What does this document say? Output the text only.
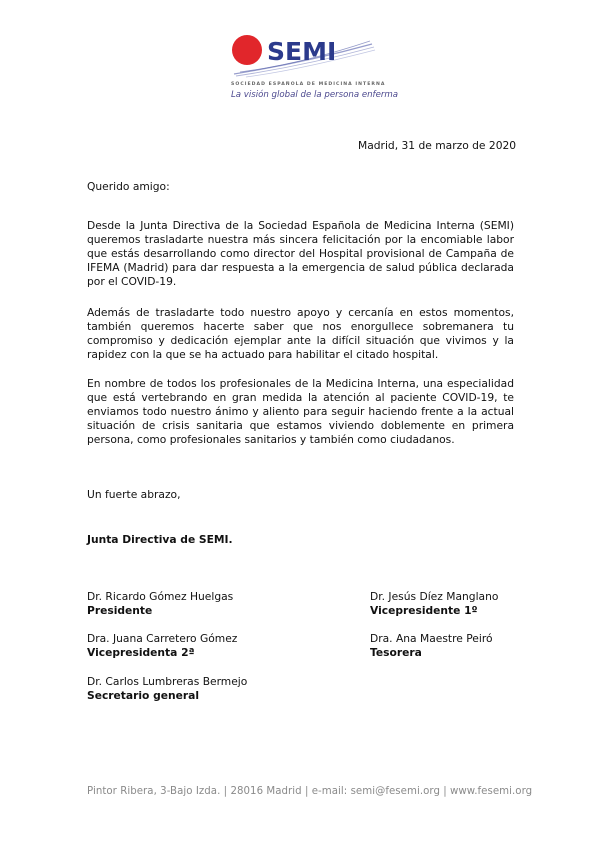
SEMI
SOCIEDAD ESPAÑOLA DE MEDICINA INTERNA
La visión global de la persona enferma
Madrid, 31 de marzo de 2020
Querido amigo:
Desde la Junta Directiva de la Sociedad Española de Medicina Interna (SEMI) queremos trasladarte nuestra más sincera felicitación por la encomiable labor que estás desarrollando como director del Hospital provisional de Campaña de IFEMA (Madrid) para dar respuesta a la emergencia de salud pública declarada por el COVID-19.
Además de trasladarte todo nuestro apoyo y cercanía en estos momentos, también queremos hacerte saber que nos enorgullece sobremanera tu compromiso y dedicación ejemplar ante la difícil situación que vivimos y la rapidez con la que se ha actuado para habilitar el citado hospital.
En nombre de todos los profesionales de la Medicina Interna, una especialidad que está vertebrando en gran medida la atención al paciente COVID-19, te enviamos todo nuestro ánimo y aliento para seguir haciendo frente a la actual situación de crisis sanitaria que estamos viviendo doblemente en primera persona, como profesionales sanitarios y también como ciudadanos.
Un fuerte abrazo,
Junta Directiva de SEMI.
Dr. Ricardo Gómez Huelgas
Presidente
Dr. Jesús Díez Manglano
Vicepresidente 1º
Dra. Juana Carretero Gómez
Vicepresidenta 2ª
Dra. Ana Maestre Peiró
Tesorera
Dr. Carlos Lumbreras Bermejo
Secretario general
Pintor Ribera, 3-Bajo Izda. | 28016 Madrid | e-mail: semi@fesemi.org | www.fesemi.org
